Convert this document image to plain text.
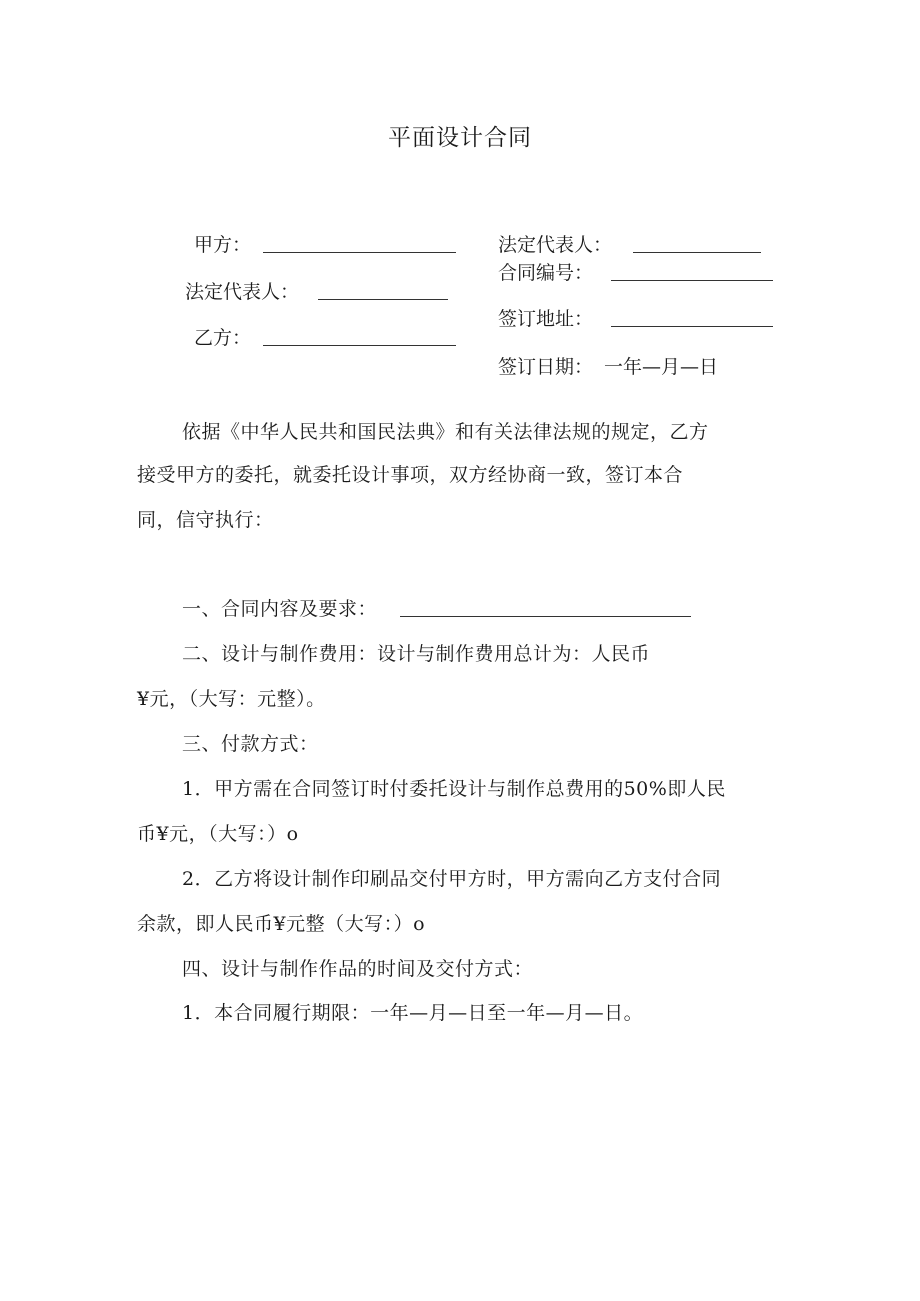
平面设计合同
甲方：
法定代表人：
乙方：
法定代表人：
合同编号：
签订地址：
签订日期： 一年—月—日
依据《中华人民共和国民法典》和有关法律法规的规定，乙方
接受甲方的委托，就委托设计事项，双方经协商一致，签订本合
同，信守执行：
一、合同内容及要求：
二、设计与制作费用：设计与制作费用总计为：人民币
¥元，（大写：元整）。
三、付款方式：
1．甲方需在合同签订时付委托设计与制作总费用的50%即人民
币¥元，（大写：）o
2．乙方将设计制作印刷品交付甲方时，甲方需向乙方支付合同
余款，即人民币¥元整（大写：）o
四、设计与制作作品的时间及交付方式：
1．本合同履行期限：一年—月—日至一年—月—日。
